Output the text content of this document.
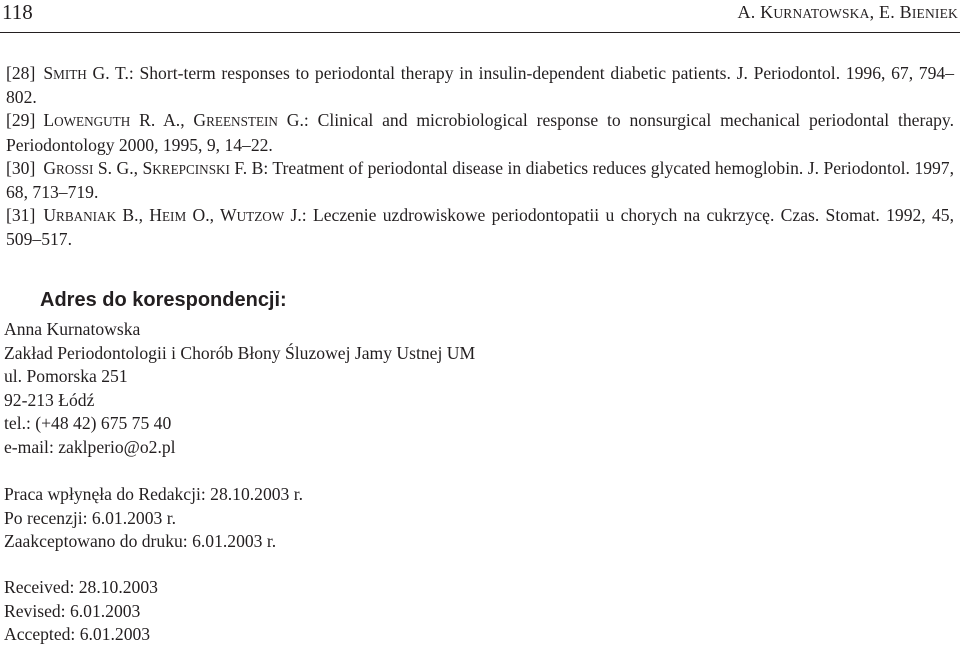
118	A. KURNATOWSKA, E. BIENIEK
[28] SMITH G. T.: Short-term responses to periodontal therapy in insulin-dependent diabetic patients. J. Periodontol. 1996, 67, 794–802.
[29] LOWENGUTH R. A., GREENSTEIN G.: Clinical and microbiological response to nonsurgical mechanical periodontal therapy. Periodontology 2000, 1995, 9, 14–22.
[30] GROSSI S. G., SKREPCINSKI F. B: Treatment of periodontal disease in diabetics reduces glycated hemoglobin. J. Periodontol. 1997, 68, 713–719.
[31] URBANIAK B., HEIM O., WUTZOW J.: Leczenie uzdrowiskowe periodontopatii u chorych na cukrzycę. Czas. Stomat. 1992, 45, 509–517.
Adres do korespondencji:
Anna Kurnatowska
Zakład Periodontologii i Chorób Błony Śluzowej Jamy Ustnej UM
ul. Pomorska 251
92-213 Łódź
tel.: (+48 42) 675 75 40
e-mail: zaklperio@o2.pl
Praca wpłynęła do Redakcji: 28.10.2003 r.
Po recenzji: 6.01.2003 r.
Zaakceptowano do druku: 6.01.2003 r.
Received: 28.10.2003
Revised: 6.01.2003
Accepted: 6.01.2003
